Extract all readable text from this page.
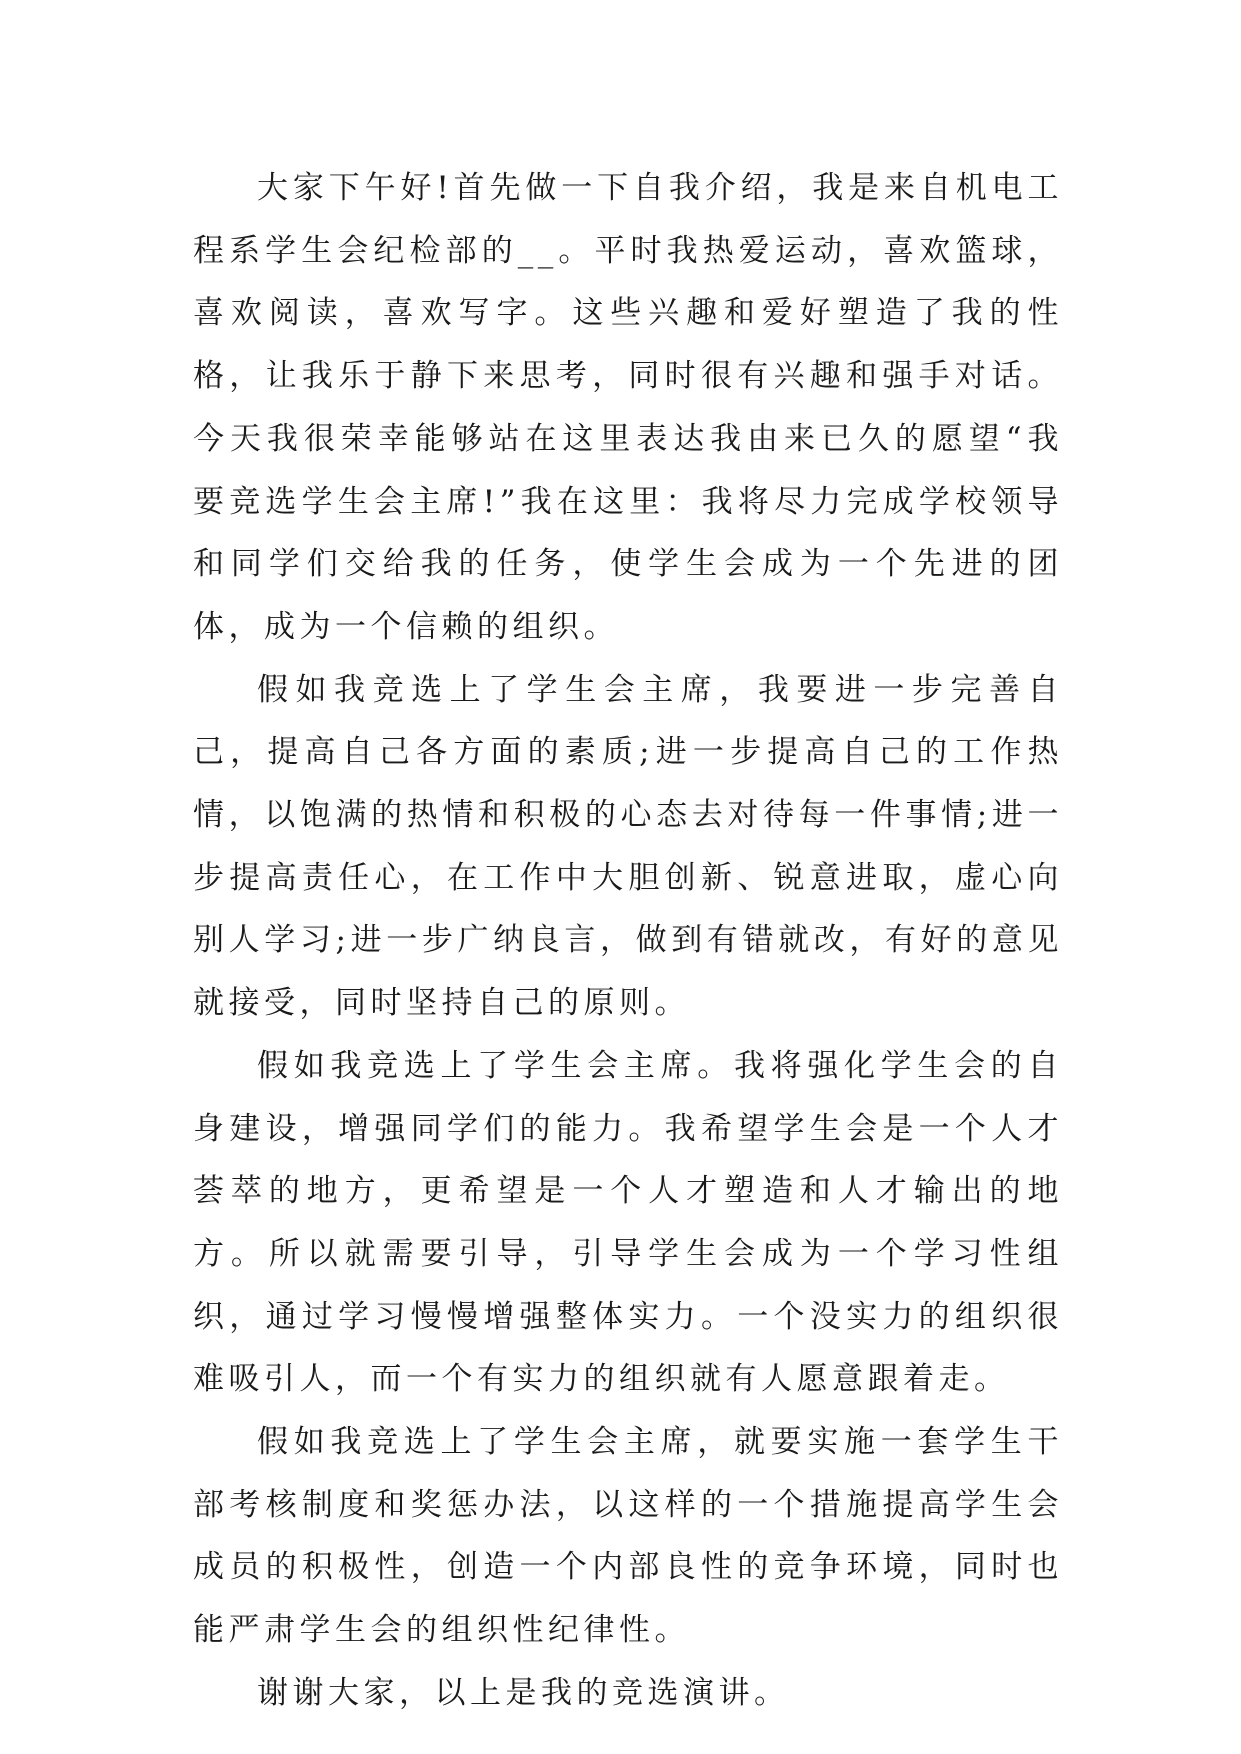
大家下午好!首先做一下自我介绍，我是来自机电工程系学生会纪检部的__。平时我热爱运动，喜欢篮球，喜欢阅读，喜欢写字。这些兴趣和爱好塑造了我的性格，让我乐于静下来思考，同时很有兴趣和强手对话。今天我很荣幸能够站在这里表达我由来已久的愿望“我要竞选学生会主席!”我在这里：我将尽力完成学校领导和同学们交给我的任务，使学生会成为一个先进的团体，成为一个信赖的组织。

假如我竞选上了学生会主席，我要进一步完善自己，提高自己各方面的素质;进一步提高自己的工作热情，以饱满的热情和积极的心态去对待每一件事情;进一步提高责任心，在工作中大胆创新、锐意进取，虚心向别人学习;进一步广纳良言，做到有错就改，有好的意见就接受，同时坚持自己的原则。

假如我竞选上了学生会主席。我将强化学生会的自身建设，增强同学们的能力。我希望学生会是一个人才荟萃的地方，更希望是一个人才塑造和人才输出的地方。所以就需要引导，引导学生会成为一个学习性组织，通过学习慢慢增强整体实力。一个没实力的组织很难吸引人，而一个有实力的组织就有人愿意跟着走。

假如我竞选上了学生会主席，就要实施一套学生干部考核制度和奖惩办法，以这样的一个措施提高学生会成员的积极性，创造一个内部良性的竞争环境，同时也能严肃学生会的组织性纪律性。

谢谢大家，以上是我的竞选演讲。
